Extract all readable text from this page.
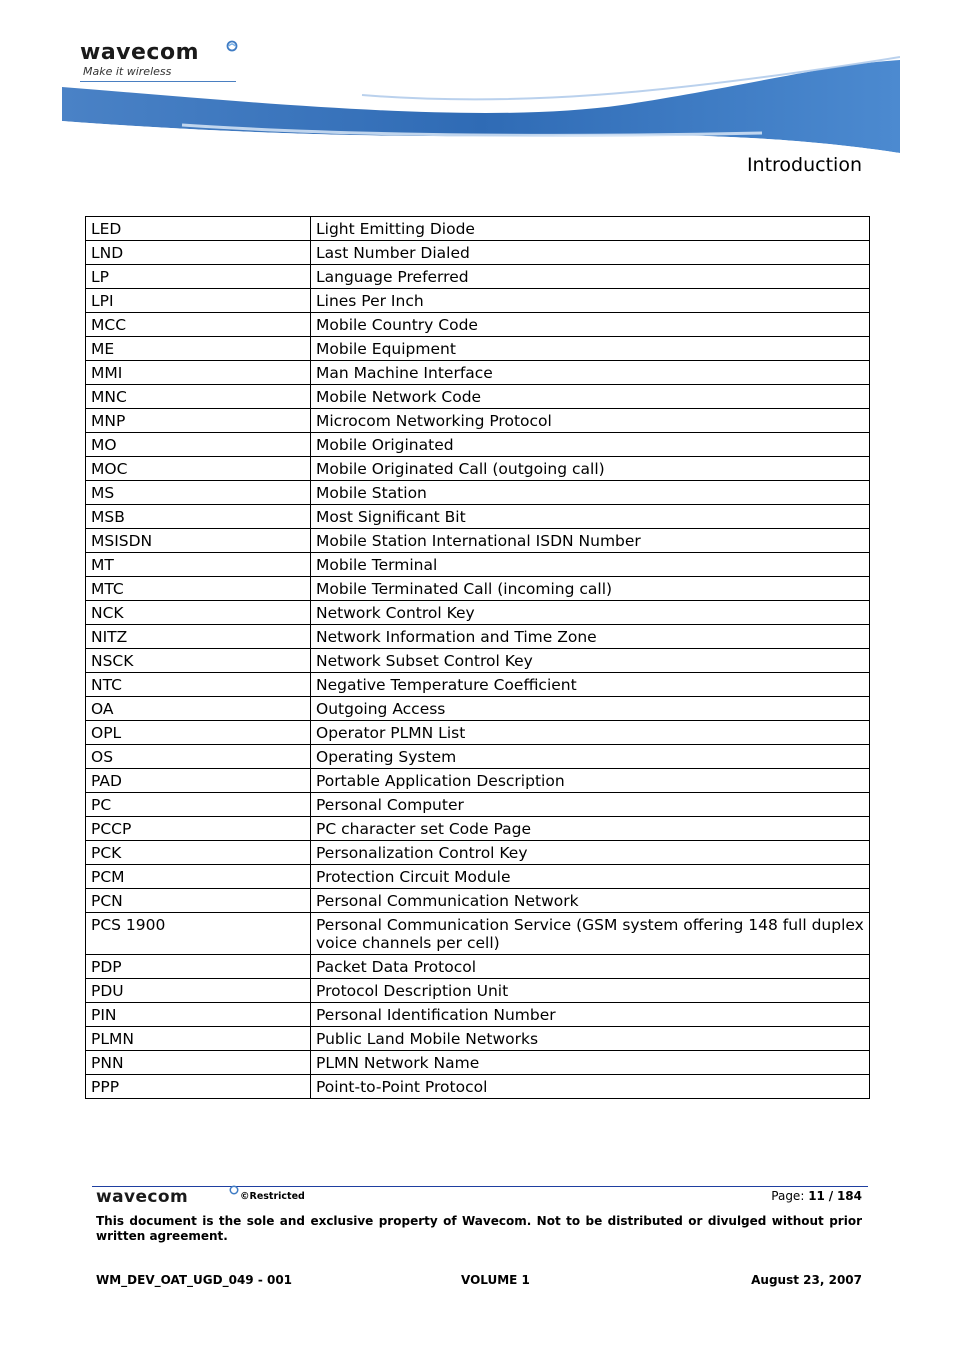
wavecom
Make it wireless
Introduction
LED	Light Emitting Diode
LND	Last Number Dialed
LP	Language Preferred
LPI	Lines Per Inch
MCC	Mobile Country Code
ME	Mobile Equipment
MMI	Man Machine Interface
MNC	Mobile Network Code
MNP	Microcom Networking Protocol
MO	Mobile Originated
MOC	Mobile Originated Call (outgoing call)
MS	Mobile Station
MSB	Most Significant Bit
MSISDN	Mobile Station International ISDN Number
MT	Mobile Terminal
MTC	Mobile Terminated Call (incoming call)
NCK	Network Control Key
NITZ	Network Information and Time Zone
NSCK	Network Subset Control Key
NTC	Negative Temperature Coefficient
OA	Outgoing Access
OPL	Operator PLMN List
OS	Operating System
PAD	Portable Application Description
PC	Personal Computer
PCCP	PC character set Code Page
PCK	Personalization Control Key
PCM	Protection Circuit Module
PCN	Personal Communication Network
PCS 1900	Personal Communication Service (GSM system offering 148 full duplex voice channels per cell)
PDP	Packet Data Protocol
PDU	Protocol Description Unit
PIN	Personal Identification Number
PLMN	Public Land Mobile Networks
PNN	PLMN Network Name
PPP	Point-to-Point Protocol
wavecom	©Restricted	Page: 11 / 184
This document is the sole and exclusive property of Wavecom. Not to be distributed or divulged without prior written agreement.
WM_DEV_OAT_UGD_049 - 001	VOLUME 1	August 23, 2007
